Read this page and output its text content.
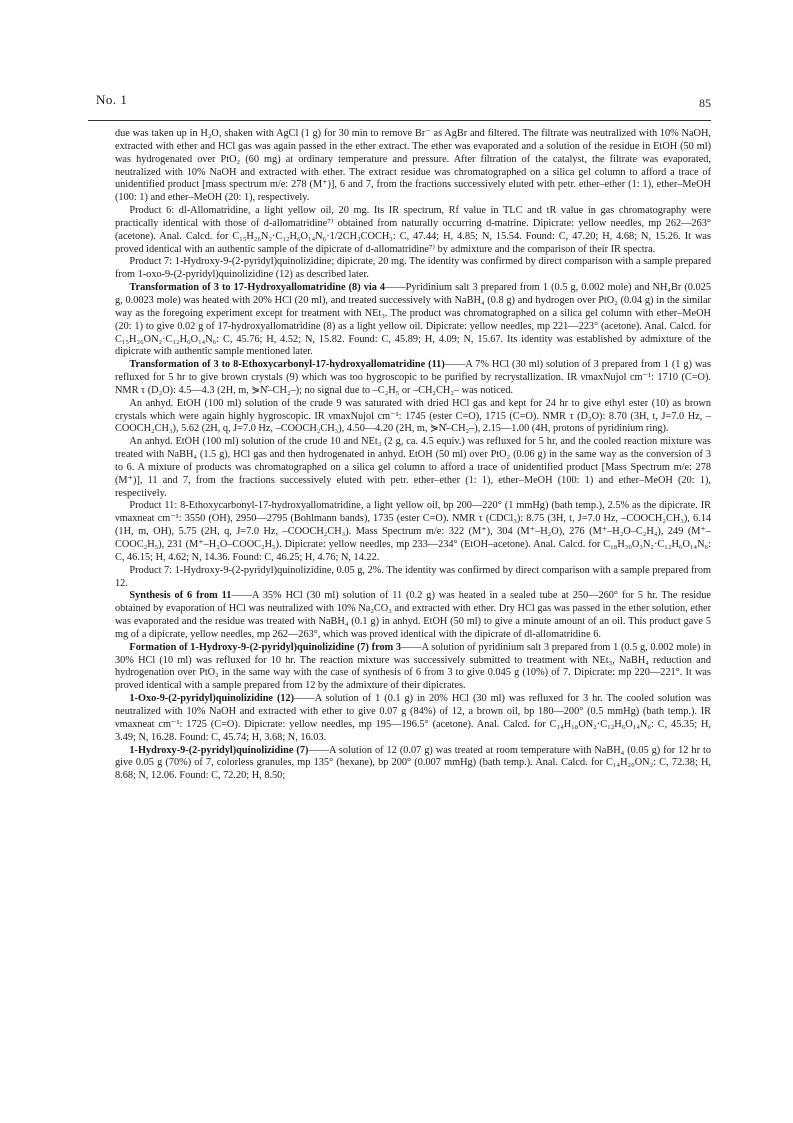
No. 1	85

due was taken up in H₂O, shaken with AgCl (1 g) for 30 min to remove Br⁻ as AgBr and filtered. The filtrate was neutralized with 10% NaOH, extracted with ether and HCl gas was again passed in the ether extract. The ether was evaporated and a solution of the residue in EtOH (50 ml) was hydrogenated over PtO₂ (60 mg) at ordinary temperature and pressure. After filtration of the catalyst, the filtrate was evaporated, neutralized with 10% NaOH and extracted with ether. The extract residue was chromatographed on a silica gel column to afford a trace of unidentified product [mass spectrum m/e: 278 (M⁺)], 6 and 7, from the fractions successively eluted with petr. ether–ether (1: 1), ether–MeOH (100: 1) and ether–MeOH (20: 1), respectively.

Product 6: dl-Allomatridine, a light yellow oil, 20 mg. Its IR spectrum, Rf value in TLC and tR value in gas chromatography were practically identical with those of d-allomatridine⁷⁾ obtained from naturally occurring d-matrine. Dipicrate: yellow needles, mp 262—263° (acetone). Anal. Calcd. for C₁₅H₂₆N₂·C₁₂H₆O₁₄N₆·1/2CH₃COCH₃: C, 47.44; H, 4.85; N, 15.54. Found: C, 47.20; H, 4.68; N, 15.26. It was proved identical with an authentic sample of the dipicrate of d-allomatridine⁷⁾ by admixture and the comparison of their IR spectra.

Product 7: 1-Hydroxy-9-(2-pyridyl)quinolizidine; dipicrate, 20 mg. The identity was confirmed by direct comparison with a sample prepared from 1-oxo-9-(2-pyridyl)quinolizidine (12) as described later.

Transformation of 3 to 17-Hydroxyallomatridine (8) via 4——Pyridinium salt 3 prepared from 1 (0.5 g, 0.002 mole) and NH₄Br (0.025 g, 0.0023 mole) was heated with 20% HCl (20 ml), and treated successively with NaBH₄ (0.8 g) and hydrogen over PtO₂ (0.04 g) in the similar way as the foregoing experiment except for treatment with NEt₃. The product was chromatographed on a silica gel column with ether–MeOH (20: 1) to give 0.02 g of 17-hydroxyallomatridine (8) as a light yellow oil. Dipicrate: yellow needles, mp 221—223° (acetone). Anal. Calcd. for C₁₅H₂₆ON₂·C₁₂H₆O₁₄N₆: C, 45.76; H, 4.52; N, 15.82. Found: C, 45.89; H, 4.09; N, 15.67. Its identity was established by admixture of the dipicrate with authentic sample mentioned later.

Transformation of 3 to 8-Ethoxycarbonyl-17-hydroxyallomatridine (11)——A 7% HCl (30 ml) solution of 3 prepared from 1 (1 g) was refluxed for 5 hr to give brown crystals (9) which was too hygroscopic to be purified by recrystallization. IR νmaxNujol cm⁻¹: 1710 (C=O). NMR τ (D₂O): 4.5—4.3 (2H, m, ⋟N̊–CH₂–); no signal due to –C₂H₅ or –CH₂CH₂– was noticed.

An anhyd. EtOH (100 ml) solution of the crude 9 was saturated with dried HCl gas and kept for 24 hr to give ethyl ester (10) as brown crystals which were again highly hygroscopic. IR νmaxNujol cm⁻¹: 1745 (ester C=O), 1715 (C=O). NMR τ (D₂O): 8.70 (3H, t, J=7.0 Hz, –COOCH₂CH₃), 5.62 (2H, q, J=7.0 Hz, –COOCH₂CH₃), 4.50—4.20 (2H, m, ⋟N̊–CH₂–), 2.15—1.00 (4H, protons of pyridinium ring).

An anhyd. EtOH (100 ml) solution of the crude 10 and NEt₃ (2 g, ca. 4.5 equiv.) was refluxed for 5 hr, and the cooled reaction mixture was treated with NaBH₄ (1.5 g), HCl gas and then hydrogenated in anhyd. EtOH (50 ml) over PtO₂ (0.06 g) in the same way as the conversion of 3 to 6. A mixture of products was chromatographed on a silica gel column to afford a trace of unidentified product [Mass Spectrum m/e: 278 (M⁺)], 11 and 7, from the fractions successively eluted with petr. ether–ether (1: 1), ether–MeOH (100: 1) and ether–MeOH (20: 1), respectively.

Product 11: 8-Ethoxycarbonyl-17-hydroxyallomatridine, a light yellow oil, bp 200—220° (1 mmHg) (bath temp.), 2.5% as the dipicrate. IR νmaxneat cm⁻¹: 3550 (OH), 2950—2795 (Bohlmann bands), 1735 (ester C=O). NMR τ (CDCl₃): 8.75 (3H, t, J=7.0 Hz, –COOCH₂CH₃), 6.14 (1H, m, OH), 5.75 (2H, q, J=7.0 Hz, –COOCH₂CH₃). Mass Spectrum m/e: 322 (M⁺), 304 (M⁺–H₂O), 276 (M⁺–H₂O–C₂H₄), 249 (M⁺–COOC₂H₅), 231 (M⁺–H₂O–COOC₂H₅). Dipicrate: yellow needles, mp 233—234° (EtOH–acetone). Anal. Calcd. for C₁₈H₃₀O₃N₂·C₁₂H₆O₁₄N₆: C, 46.15; H, 4.62; N, 14.36. Found: C, 46.25; H, 4.76; N, 14.22.

Product 7: 1-Hydroxy-9-(2-pyridyl)quinolizidine, 0.05 g, 2%. The identity was confirmed by direct comparison with a sample prepared from 12.

Synthesis of 6 from 11——A 35% HCl (30 ml) solution of 11 (0.2 g) was heated in a sealed tube at 250—260° for 5 hr. The residue obtained by evaporation of HCl was neutralized with 10% Na₂CO₃ and extracted with ether. Dry HCl gas was passed in the ether solution, ether was evaporated and the residue was treated with NaBH₄ (0.1 g) in anhyd. EtOH (50 ml) to give a minute amount of an oil. This product gave 5 mg of a dipicrate, yellow needles, mp 262—263°, which was proved identical with the dipicrate of dl-allomatridine 6.

Formation of 1-Hydroxy-9-(2-pyridyl)quinolizidine (7) from 3——A solution of pyridinium salt 3 prepared from 1 (0.5 g, 0.002 mole) in 30% HCl (10 ml) was refluxed for 10 hr. The reaction mixture was successively submitted to treatment with NEt₃, NaBH₄ reduction and hydrogenation over PtO₂ in the same way with the case of synthesis of 6 from 3 to give 0.045 g (10%) of 7. Dipicrate: mp 220—221°. It was proved identical with a sample prepared from 12 by the admixture of their dipicrates.

1-Oxo-9-(2-pyridyl)quinolizidine (12)——A solution of 1 (0.1 g) in 20% HCl (30 ml) was refluxed for 3 hr. The cooled solution was neutralized with 10% NaOH and extracted with ether to give 0.07 g (84%) of 12, a brown oil, bp 180—200° (0.5 mmHg) (bath temp.). IR νmaxneat cm⁻¹: 1725 (C=O). Dipicrate: yellow needles, mp 195—196.5° (acetone). Anal. Calcd. for C₁₄H₁₈ON₂·C₁₂H₆O₁₄N₆: C, 45.35; H, 3.49; N, 16.28. Found: C, 45.74; H, 3.68; N, 16.03.

1-Hydroxy-9-(2-pyridyl)quinolizidine (7)——A solution of 12 (0.07 g) was treated at room temperature with NaBH₄ (0.05 g) for 12 hr to give 0.05 g (70%) of 7, colorless granules, mp 135° (hexane), bp 200° (0.007 mmHg) (bath temp.). Anal. Calcd. for C₁₄H₂₀ON₂: C, 72.38; H, 8.68; N, 12.06. Found: C, 72.20; H, 8.50;
